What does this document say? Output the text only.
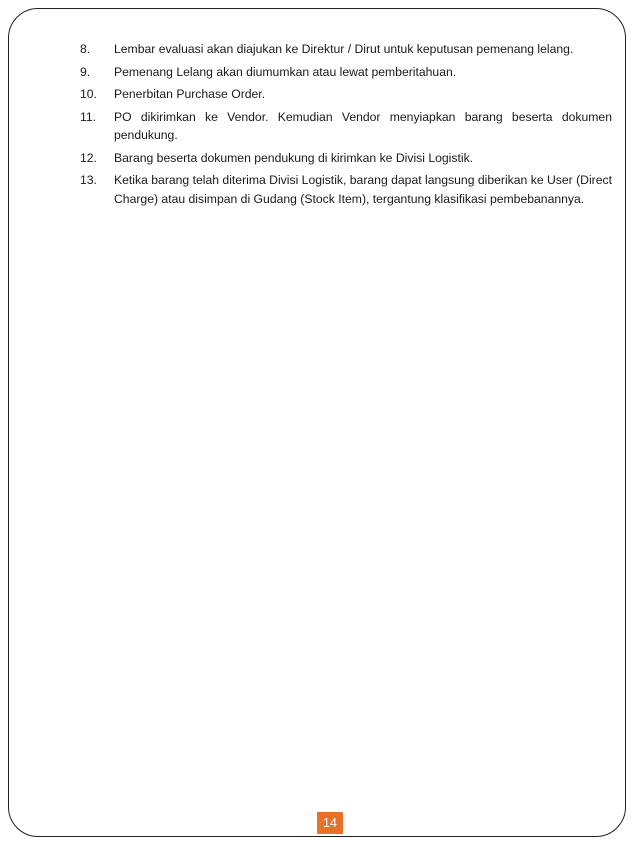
8.	Lembar evaluasi akan diajukan ke Direktur / Dirut untuk keputusan pemenang lelang.
9.	Pemenang Lelang akan diumumkan atau lewat pemberitahuan.
10.	Penerbitan Purchase Order.
11.	PO dikirimkan ke Vendor. Kemudian Vendor menyiapkan barang beserta dokumen pendukung.
12.	Barang beserta dokumen pendukung di kirimkan ke Divisi Logistik.
13.	Ketika barang telah diterima Divisi Logistik, barang dapat langsung diberikan ke User (Direct Charge) atau disimpan di Gudang (Stock Item), tergantung klasifikasi pembebanannya.
14
